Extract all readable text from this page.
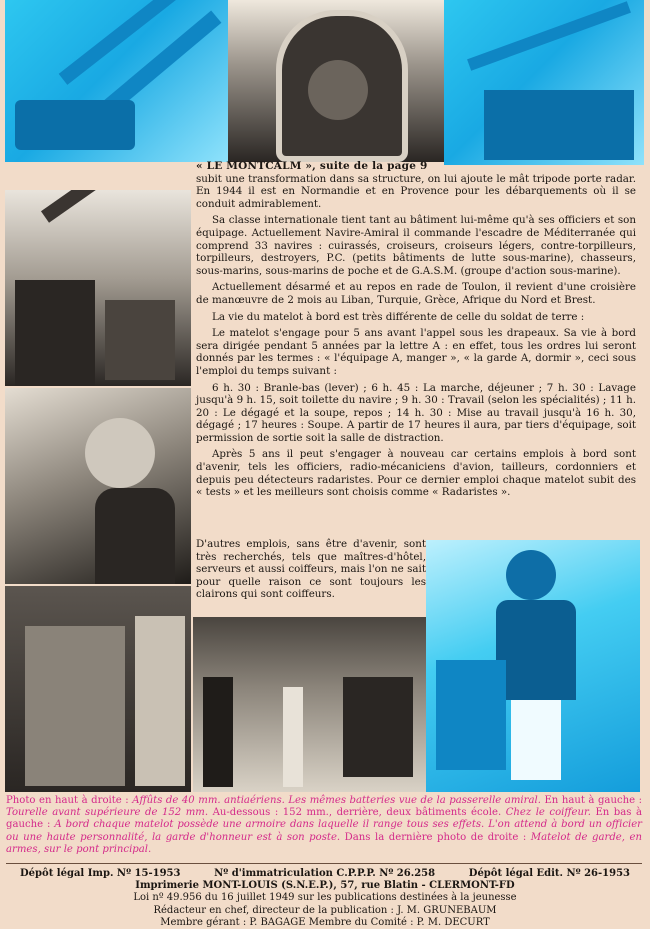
« LE MONTCALM », suite de la page 9

subit une transformation dans sa structure, on lui ajoute le mât tripode porte radar. En 1944 il est en Normandie et en Provence pour les débarquements où il se conduit admirablement.

Sa classe internationale tient tant au bâtiment lui-même qu'à ses officiers et son équipage. Actuellement Navire-Amiral il commande l'escadre de Méditerranée qui comprend 33 navires : cuirassés, croiseurs, croiseurs légers, contre-torpilleurs, torpilleurs, destroyers, P.C. (petits bâtiments de lutte sous-marine), chasseurs, sous-marins, sous-marins de poche et de G.A.S.M. (groupe d'action sous-marine).

Actuellement désarmé et au repos en rade de Toulon, il revient d'une croisière de manœuvre de 2 mois au Liban, Turquie, Grèce, Afrique du Nord et Brest.

La vie du matelot à bord est très différente de celle du soldat de terre :

Le matelot s'engage pour 5 ans avant l'appel sous les drapeaux. Sa vie à bord sera dirigée pendant 5 années par la lettre A : en effet, tous les ordres lui seront donnés par les termes : « l'équipage A, manger », « la garde A, dormir », ceci sous l'emploi du temps suivant :

6 h. 30 : Branle-bas (lever) ; 6 h. 45 : La marche, déjeuner ; 7 h. 30 : Lavage jusqu'à 9 h. 15, soit toilette du navire ; 9 h. 30 : Travail (selon les spécialités) ; 11 h. 20 : Le dégagé et la soupe, repos ; 14 h. 30 : Mise au travail jusqu'à 16 h. 30, dégagé ; 17 heures : Soupe. A partir de 17 heures il aura, par tiers d'équipage, soit permission de sortie soit la salle de distraction.

Après 5 ans il peut s'engager à nouveau car certains emplois à bord sont d'avenir, tels les officiers, radio-mécaniciens d'avion, tailleurs, cordonniers et depuis peu détecteurs radaristes. Pour ce dernier emploi chaque matelot subit des « tests » et les meilleurs sont choisis comme « Radaristes ».

D'autres emplois, sans être d'avenir, sont très recherchés, tels que maîtres-d'hôtel, serveurs et aussi coiffeurs, mais l'on ne sait pour quelle raison ce sont toujours les clairons qui sont coiffeurs.
Photo en haut à droite : Affûts de 40 mm. antiaériens. Les mêmes batteries vue de la passerelle amiral. En haut à gauche : Tourelle avant supérieure de 152 mm. Au-dessous : 152 mm., derrière, deux bâtiments école. Chez le coiffeur. En bas à gauche : A bord chaque matelot possède une armoire dans laquelle il range tous ses effets. L'on attend à bord un officier ou une haute personnalité, la garde d'honneur est à son poste. Dans la dernière photo de droite : Matelot de garde, en armes, sur le pont principal.
Dépôt légal Imp. Nº 15-1953	Nº d'immatriculation C.P.P.P. Nº 26.258	Dépôt légal Edit. Nº 26-1953
Imprimerie MONT-LOUIS (S.N.E.P.), 57, rue Blatin - CLERMONT-FD
Loi nº 49.956 du 16 juillet 1949 sur les publications destinées à la jeunesse
Rédacteur en chef, directeur de la publication : J. M. GRUNEBAUM
Membre gérant : P. BAGAGE Membre du Comité : P. M. DECURT
